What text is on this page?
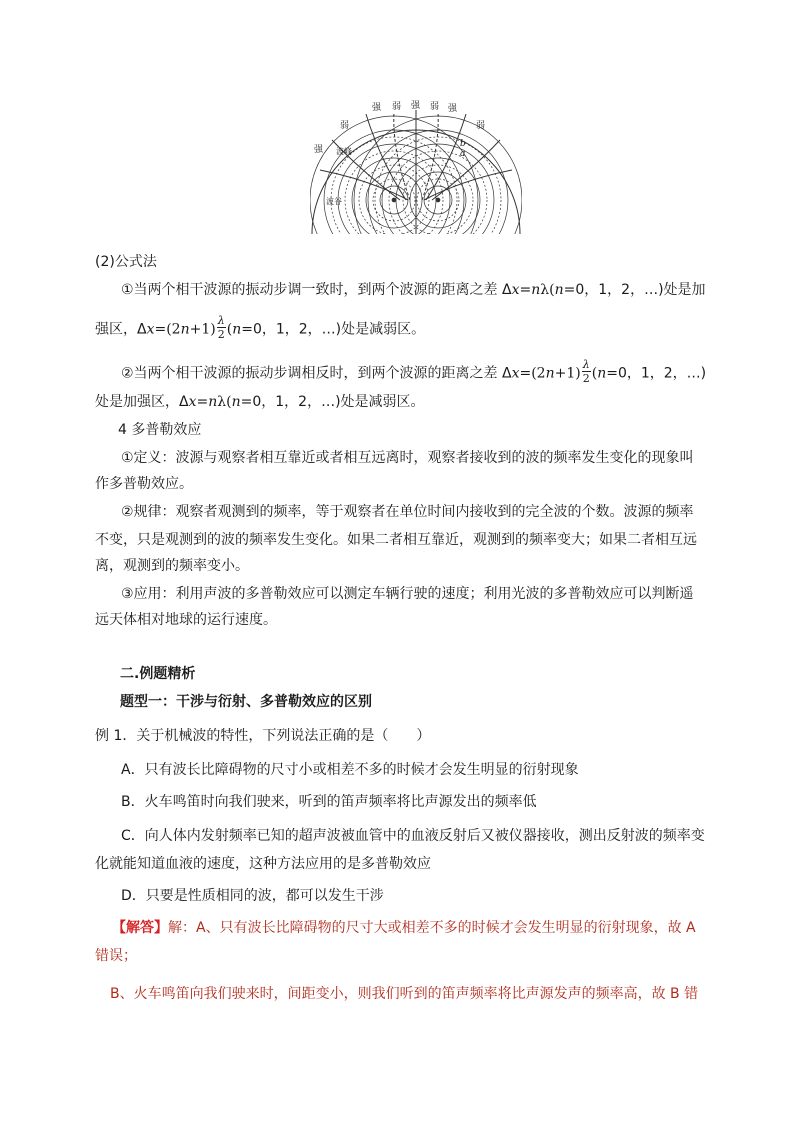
强 弱 强 弱 强
弱	弱
强 波峰
波谷
a
b
(2)公式法
①当两个相干波源的振动步调一致时，到两个波源的距离之差 Δx=nλ(n=0，1，2，…)处是加
强区，$\Delta x=(2n+1) \frac{\lambda}{2} (n=0$，1，2，…)处是减弱区。
②当两个相干波源的振动步调相反时，到两个波源的距离之差 $\Delta x=(2n+1) \frac{\lambda}{2} (n=0$，1，2，…)
处是加强区，Δx=nλ(n=0，1，2，…)处是减弱区。
4 多普勒效应
①定义：波源与观察者相互靠近或者相互远离时，观察者接收到的波的频率发生变化的现象叫
作多普勒效应。
②规律：观察者观测到的频率，等于观察者在单位时间内接收到的完全波的个数。波源的频率
不变，只是观测到的波的频率发生变化。如果二者相互靠近，观测到的频率变大；如果二者相互远
离，观测到的频率变小。
③应用：利用声波的多普勒效应可以测定车辆行驶的速度；利用光波的多普勒效应可以判断遥
远天体相对地球的运行速度。
二.例题精析
题型一：干涉与衍射、多普勒效应的区别
例 1．关于机械波的特性，下列说法正确的是（　　）
A．只有波长比障碍物的尺寸小或相差不多的时候才会发生明显的衍射现象
B．火车鸣笛时向我们驶来，听到的笛声频率将比声源发出的频率低
C．向人体内发射频率已知的超声波被血管中的血液反射后又被仪器接收，测出反射波的频率变
化就能知道血液的速度，这种方法应用的是多普勒效应
D．只要是性质相同的波，都可以发生干涉
【解答】解：A、只有波长比障碍物的尺寸大或相差不多的时候才会发生明显的衍射现象，故 A
错误；
B、火车鸣笛向我们驶来时，间距变小，则我们听到的笛声频率将比声源发声的频率高，故 B 错
